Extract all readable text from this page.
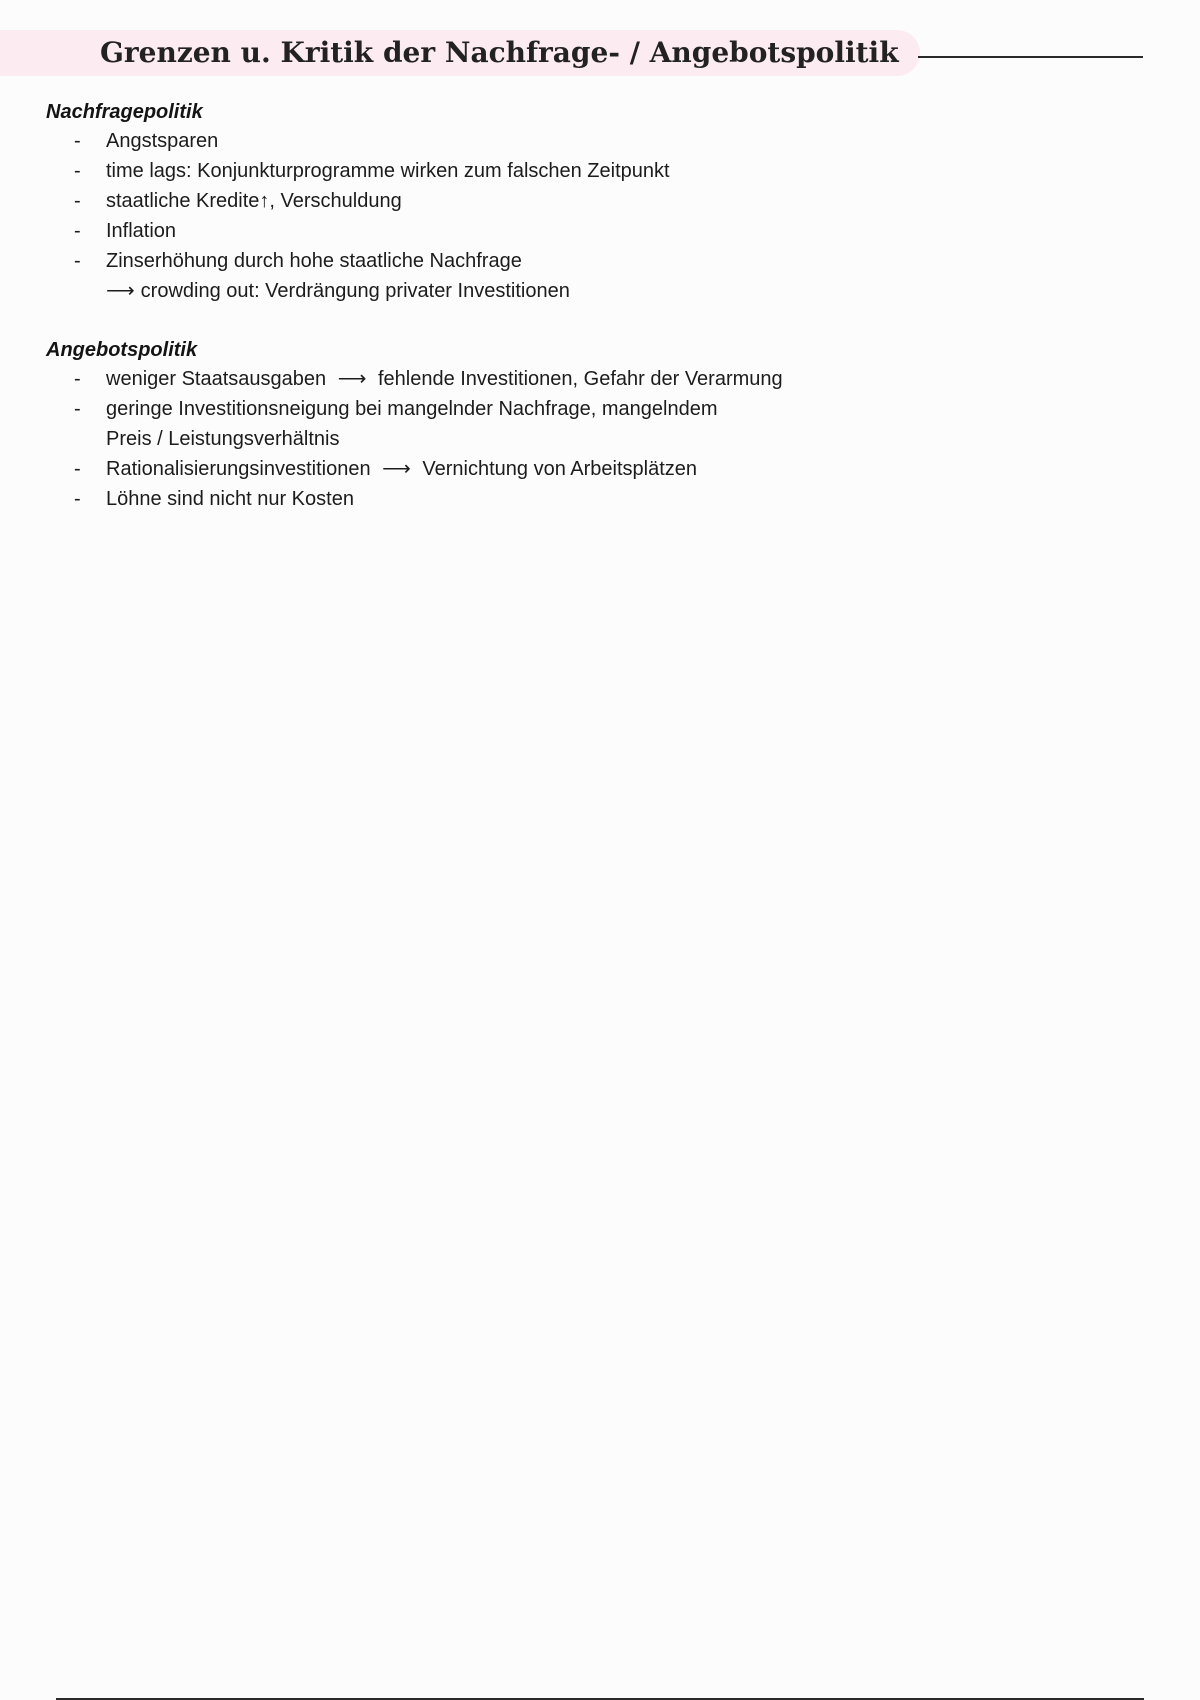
Grenzen u. Kritik der Nachfrage- / Angebotspolitik
Nachfragepolitik
- Angstsparen
- time lags: Konjunkturprogramme wirken zum falschen Zeitpunkt
- staatliche Kredite↑, Verschuldung
- Inflation
- Zinserhöhung durch hohe staatliche Nachfrage
⟶ crowding out: Verdrängung privater Investitionen
Angebotspolitik
- weniger Staatsausgaben ⟶ fehlende Investitionen, Gefahr der Verarmung
- geringe Investitionsneigung bei mangelnder Nachfrage, mangelndem
Preis / Leistungsverhältnis
- Rationalisierungsinvestitionen ⟶ Vernichtung von Arbeitsplätzen
- Löhne sind nicht nur Kosten
